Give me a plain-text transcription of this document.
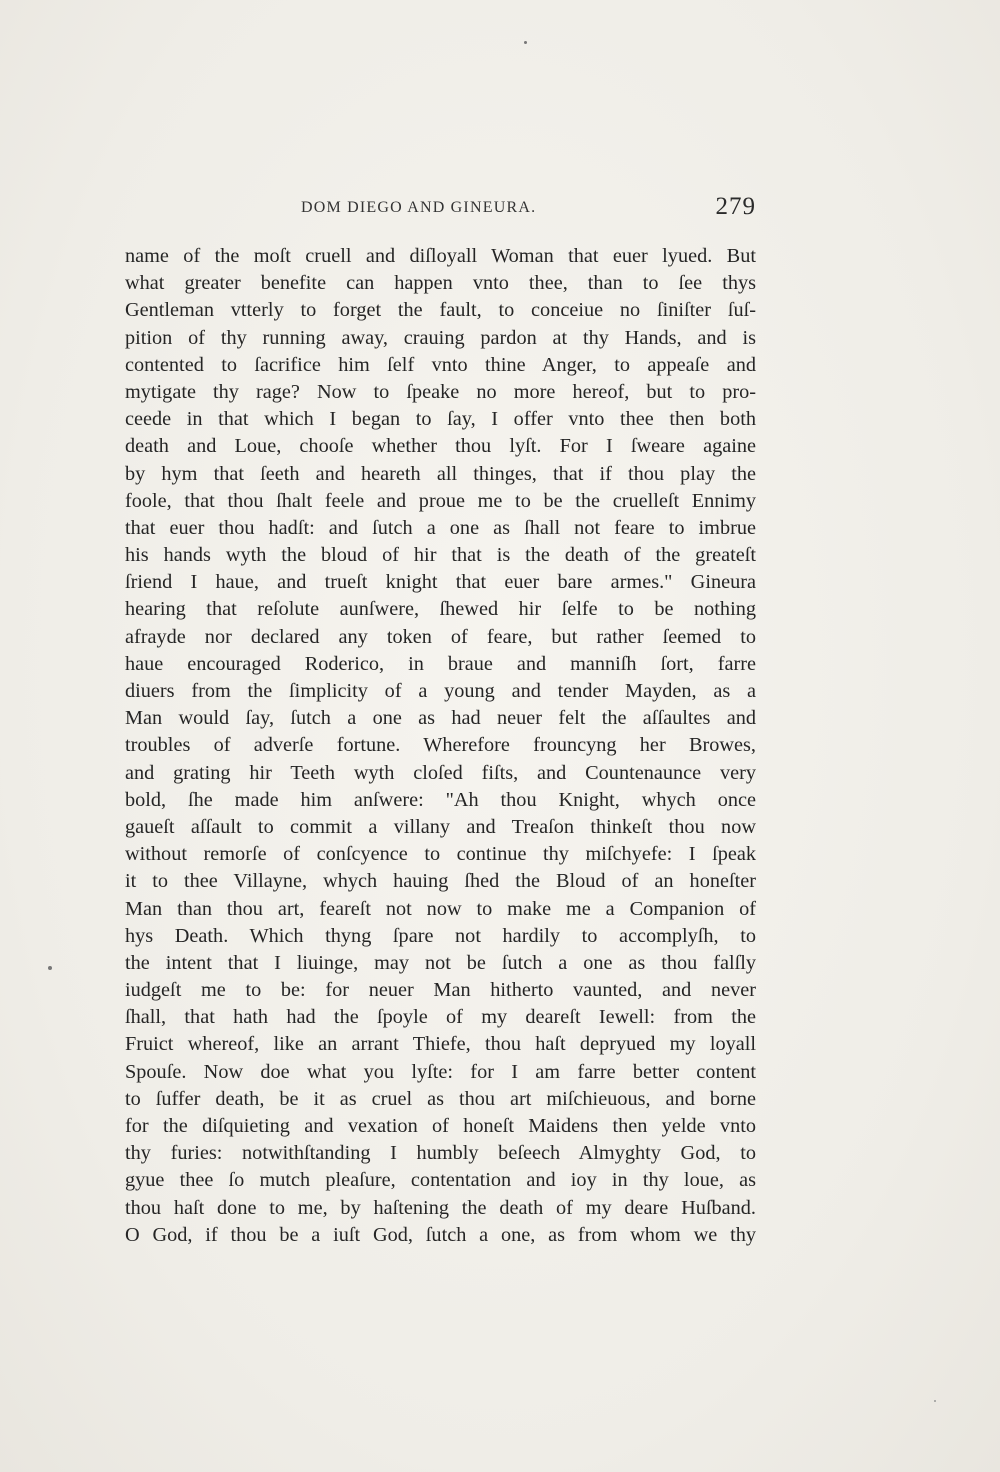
DOM DIEGO AND GINEURA.	279
name of the moſt cruell and diſloyall Woman that euer lyued. But
what greater benefite can happen vnto thee, than to ſee thys
Gentleman vtterly to forget the fault, to conceiue no ſiniſter ſuſ-
pition of thy running away, crauing pardon at thy Hands, and is
contented to ſacrifice him ſelf vnto thine Anger, to appeaſe and
mytigate thy rage? Now to ſpeake no more hereof, but to pro-
ceede in that which I began to ſay, I offer vnto thee then both
death and Loue, chooſe whether thou lyſt. For I ſweare againe
by hym that ſeeth and heareth all thinges, that if thou play the
foole, that thou ſhalt feele and proue me to be the cruelleſt Ennimy
that euer thou hadſt: and ſutch a one as ſhall not feare to imbrue
his hands wyth the bloud of hir that is the death of the greateſt
ſriend I haue, and trueſt knight that euer bare armes." Gineura
hearing that reſolute aunſwere, ſhewed hir ſelfe to be nothing
afrayde nor declared any token of feare, but rather ſeemed to
haue encouraged Roderico, in braue and manniſh ſort, farre
diuers from the ſimplicity of a young and tender Mayden, as a
Man would ſay, ſutch a one as had neuer felt the aſſaultes and
troubles of adverſe fortune. Wherefore frouncyng her Browes,
and grating hir Teeth wyth cloſed fiſts, and Countenaunce very
bold, ſhe made him anſwere: "Ah thou Knight, whych once
gaueſt aſſault to commit a villany and Treaſon thinkeſt thou now
without remorſe of conſcyence to continue thy miſchyefe: I ſpeak
it to thee Villayne, whych hauing ſhed the Bloud of an honeſter
Man than thou art, feareſt not now to make me a Companion of
hys Death. Which thyng ſpare not hardily to accomplyſh, to
the intent that I liuinge, may not be ſutch a one as thou falſly
iudgeſt me to be: for neuer Man hitherto vaunted, and never
ſhall, that hath had the ſpoyle of my deareſt Iewell: from the
Fruict whereof, like an arrant Thiefe, thou haſt depryued my loyall
Spouſe. Now doe what you lyſte: for I am farre better content
to ſuffer death, be it as cruel as thou art miſchieuous, and borne
for the diſquieting and vexation of honeſt Maidens then yelde vnto
thy furies: notwithſtanding I humbly beſeech Almyghty God, to
gyue thee ſo mutch pleaſure, contentation and ioy in thy loue, as
thou haſt done to me, by haſtening the death of my deare Huſband.
O God, if thou be a iuſt God, ſutch a one, as from whom we thy
